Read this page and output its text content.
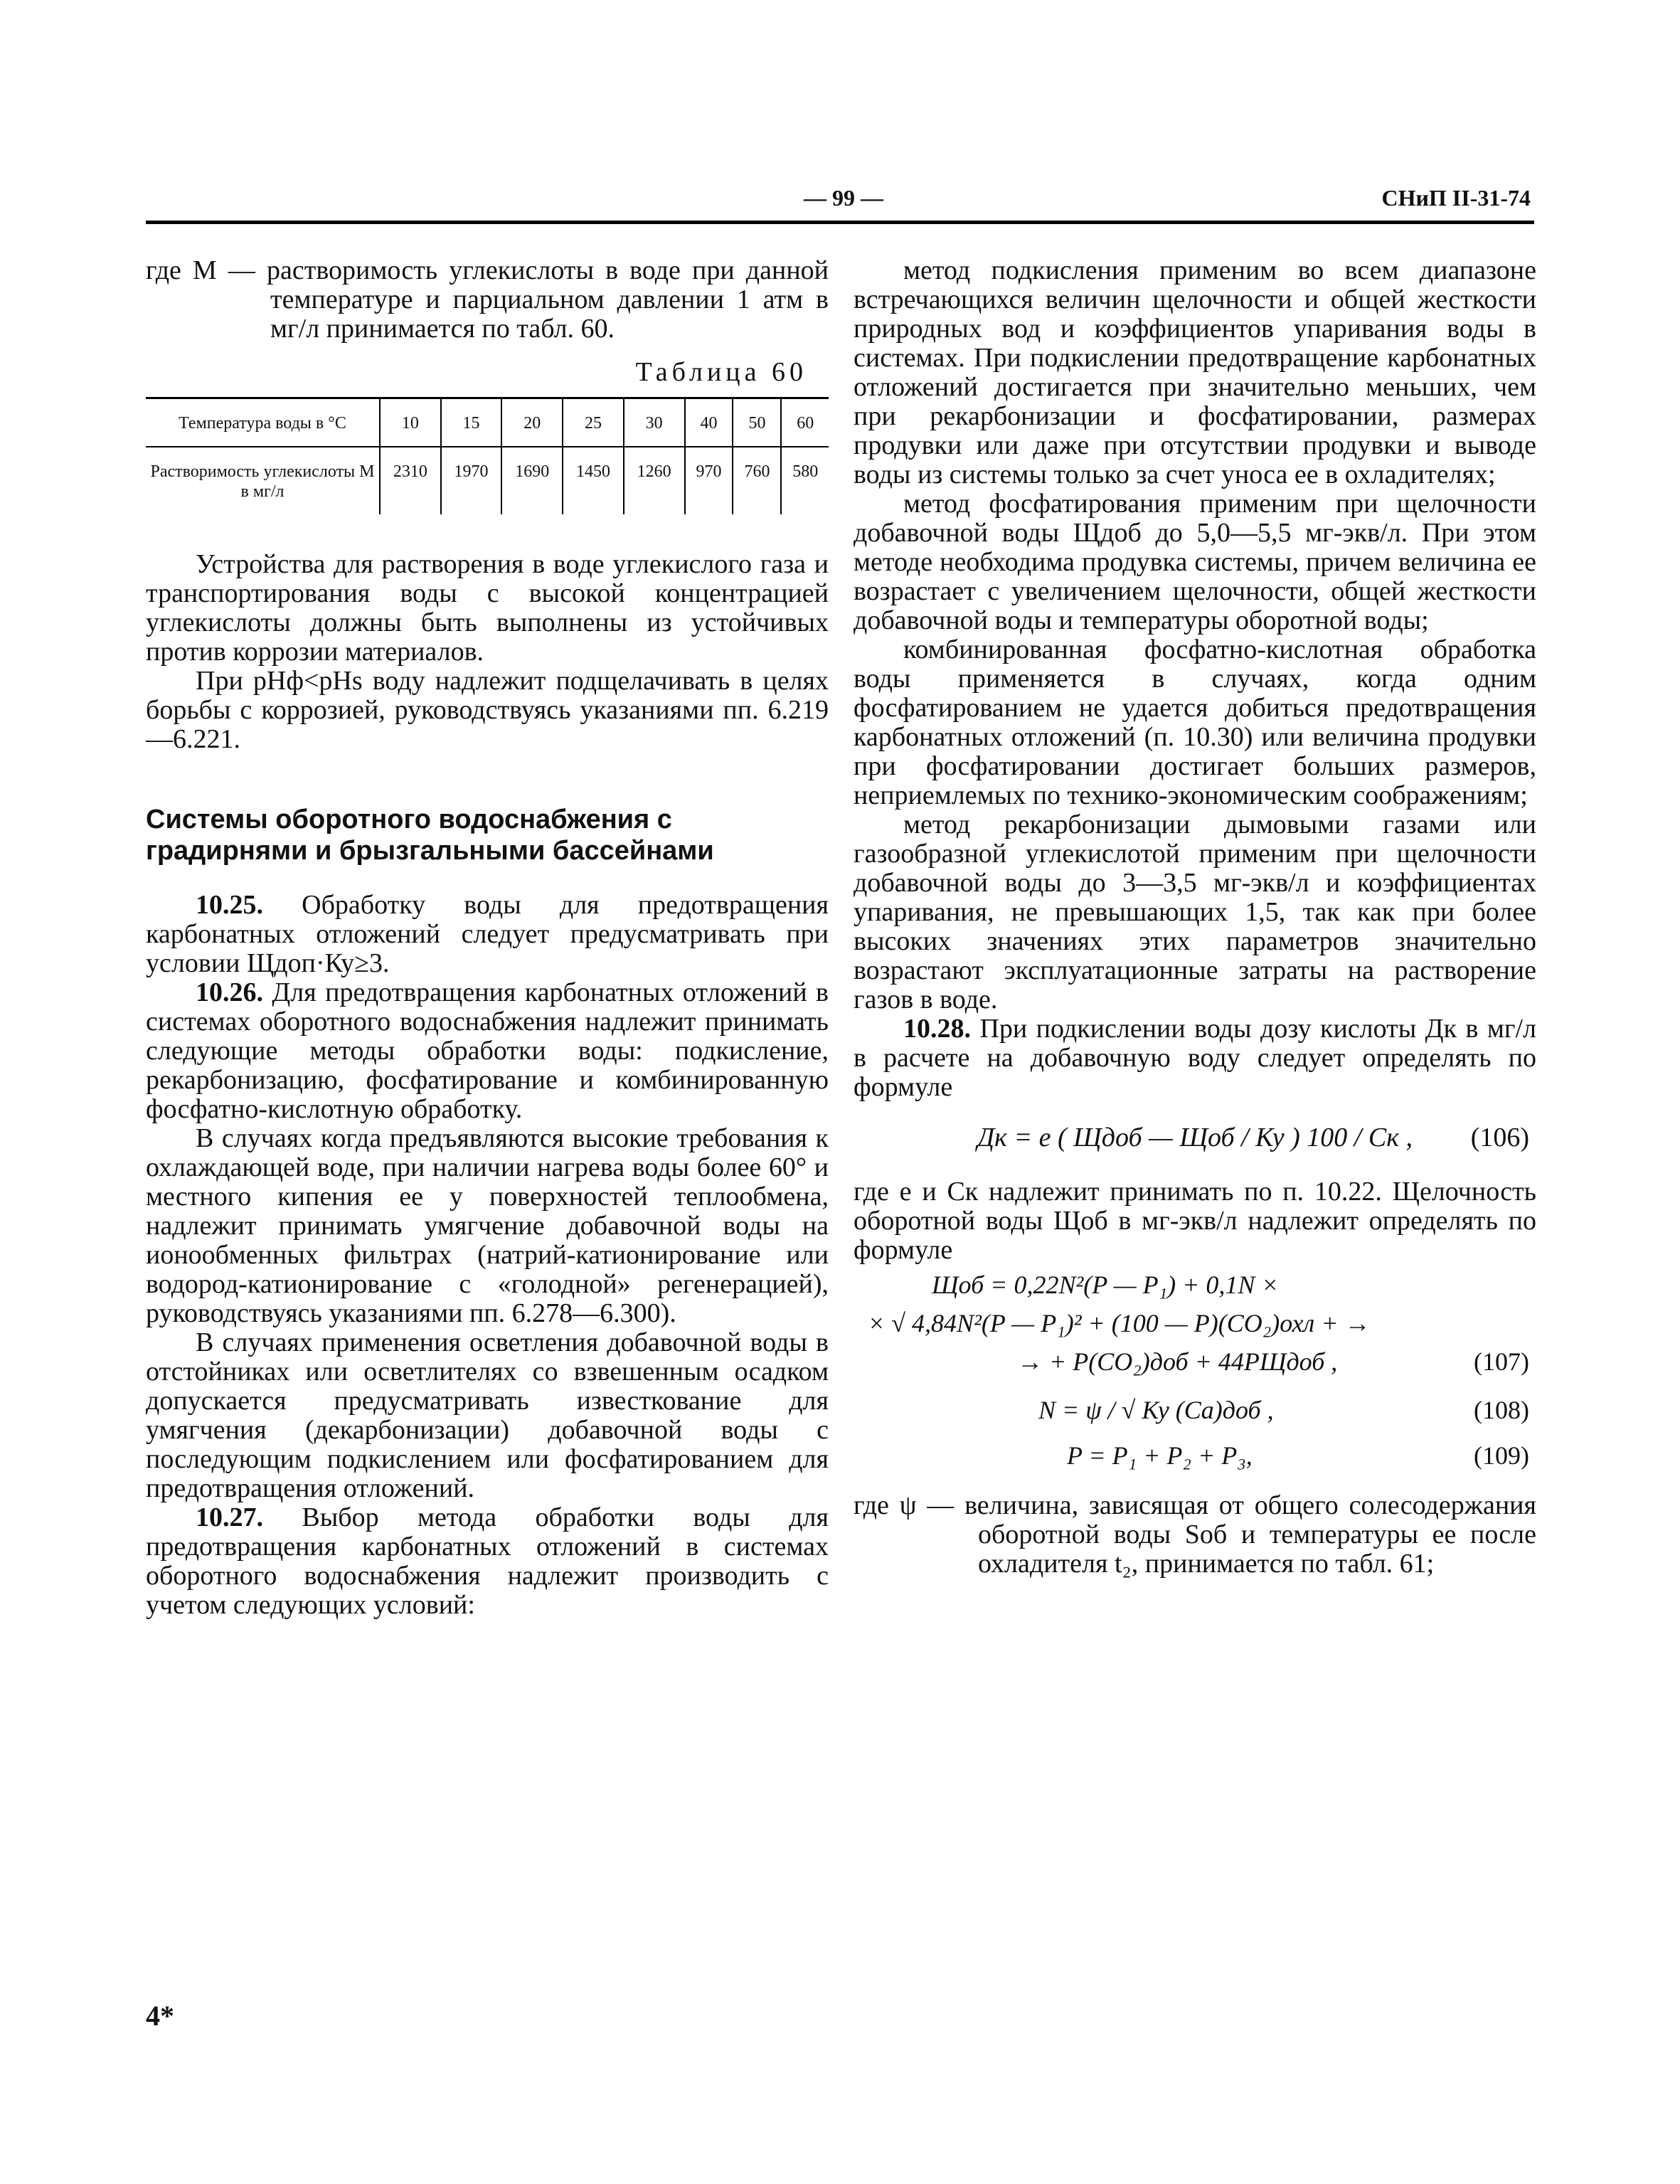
— 99 —	СНиП II-31-74

где М — растворимость углекислоты в воде при данной температуре и парциальном давлении 1 атм в мг/л принимается по табл. 60.

Таблица 60
Температура воды в °С	10	15	20	25	30	40	50	60
Растворимость углекислоты М в мг/л	2310	1970	1690	1450	1260	970	760	580

Устройства для растворения в воде углекислого газа и транспортирования воды с высокой концентрацией углекислоты должны быть выполнены из устойчивых против коррозии материалов.

При pHф<pHs воду надлежит подщелачивать в целях борьбы с коррозией, руководствуясь указаниями пп. 6.219—6.221.

Системы оборотного водоснабжения с градирнями и брызгальными бассейнами

10.25. Обработку воды для предотвращения карбонатных отложений следует предусматривать при условии Щдоп·Ку≥3.

10.26. Для предотвращения карбонатных отложений в системах оборотного водоснабжения надлежит принимать следующие методы обработки воды: подкисление, рекарбонизацию, фосфатирование и комбинированную фосфатно-кислотную обработку.

В случаях когда предъявляются высокие требования к охлаждающей воде, при наличии нагрева воды более 60° и местного кипения ее у поверхностей теплообмена, надлежит принимать умягчение добавочной воды на ионообменных фильтрах (натрий-катионирование или водород-катионирование с «голодной» регенерацией), руководствуясь указаниями пп. 6.278—6.300).

В случаях применения осветления добавочной воды в отстойниках или осветлителях со взвешенным осадком допускается предусматривать известкование для умягчения (декарбонизации) добавочной воды с последующим подкислением или фосфатированием для предотвращения отложений.

10.27. Выбор метода обработки воды для предотвращения карбонатных отложений в системах оборотного водоснабжения надлежит производить с учетом следующих условий:

метод подкисления применим во всем диапазоне встречающихся величин щелочности и общей жесткости природных вод и коэффициентов упаривания воды в системах. При подкислении предотвращение карбонатных отложений достигается при значительно меньших, чем при рекарбонизации и фосфатировании, размерах продувки или даже при отсутствии продувки и выводе воды из системы только за счет уноса ее в охладителях;

метод фосфатирования применим при щелочности добавочной воды Щдоб до 5,0—5,5 мг-экв/л. При этом методе необходима продувка системы, причем величина ее возрастает с увеличением щелочности, общей жесткости добавочной воды и температуры оборотной воды;

комбинированная фосфатно-кислотная обработка воды применяется в случаях, когда одним фосфатированием не удается добиться предотвращения карбонатных отложений (п. 10.30) или величина продувки при фосфатировании достигает больших размеров, неприемлемых по технико-экономическим соображениям;

метод рекарбонизации дымовыми газами или газообразной углекислотой применим при щелочности добавочной воды до 3—3,5 мг-экв/л и коэффициентах упаривания, не превышающих 1,5, так как при более высоких значениях этих параметров значительно возрастают эксплуатационные затраты на растворение газов в воде.

10.28. При подкислении воды дозу кислоты Дк в мг/л в расчете на добавочную воду следует определять по формуле

Дк = e ( Щдоб — Щоб / Ку ) 100 / Ск ,	(106)

где e и Ск надлежит принимать по п. 10.22. Щелочность оборотной воды Щоб в мг-экв/л надлежит определять по формуле

Щоб = 0,22N²(P — P₁) + 0,1N ×
× √ 4,84N²(P — P₁)² + (100 — P)(CO₂)охл + →
→ + P(CO₂)доб + 44PЩдоб ,	(107)
N = ψ / √ Ку (Ca)доб ,	(108)
P = P₁ + P₂ + P₃,	(109)

где ψ — величина, зависящая от общего солесодержания оборотной воды Sоб и температуры ее после охладителя t₂, принимается по табл. 61;

4*
